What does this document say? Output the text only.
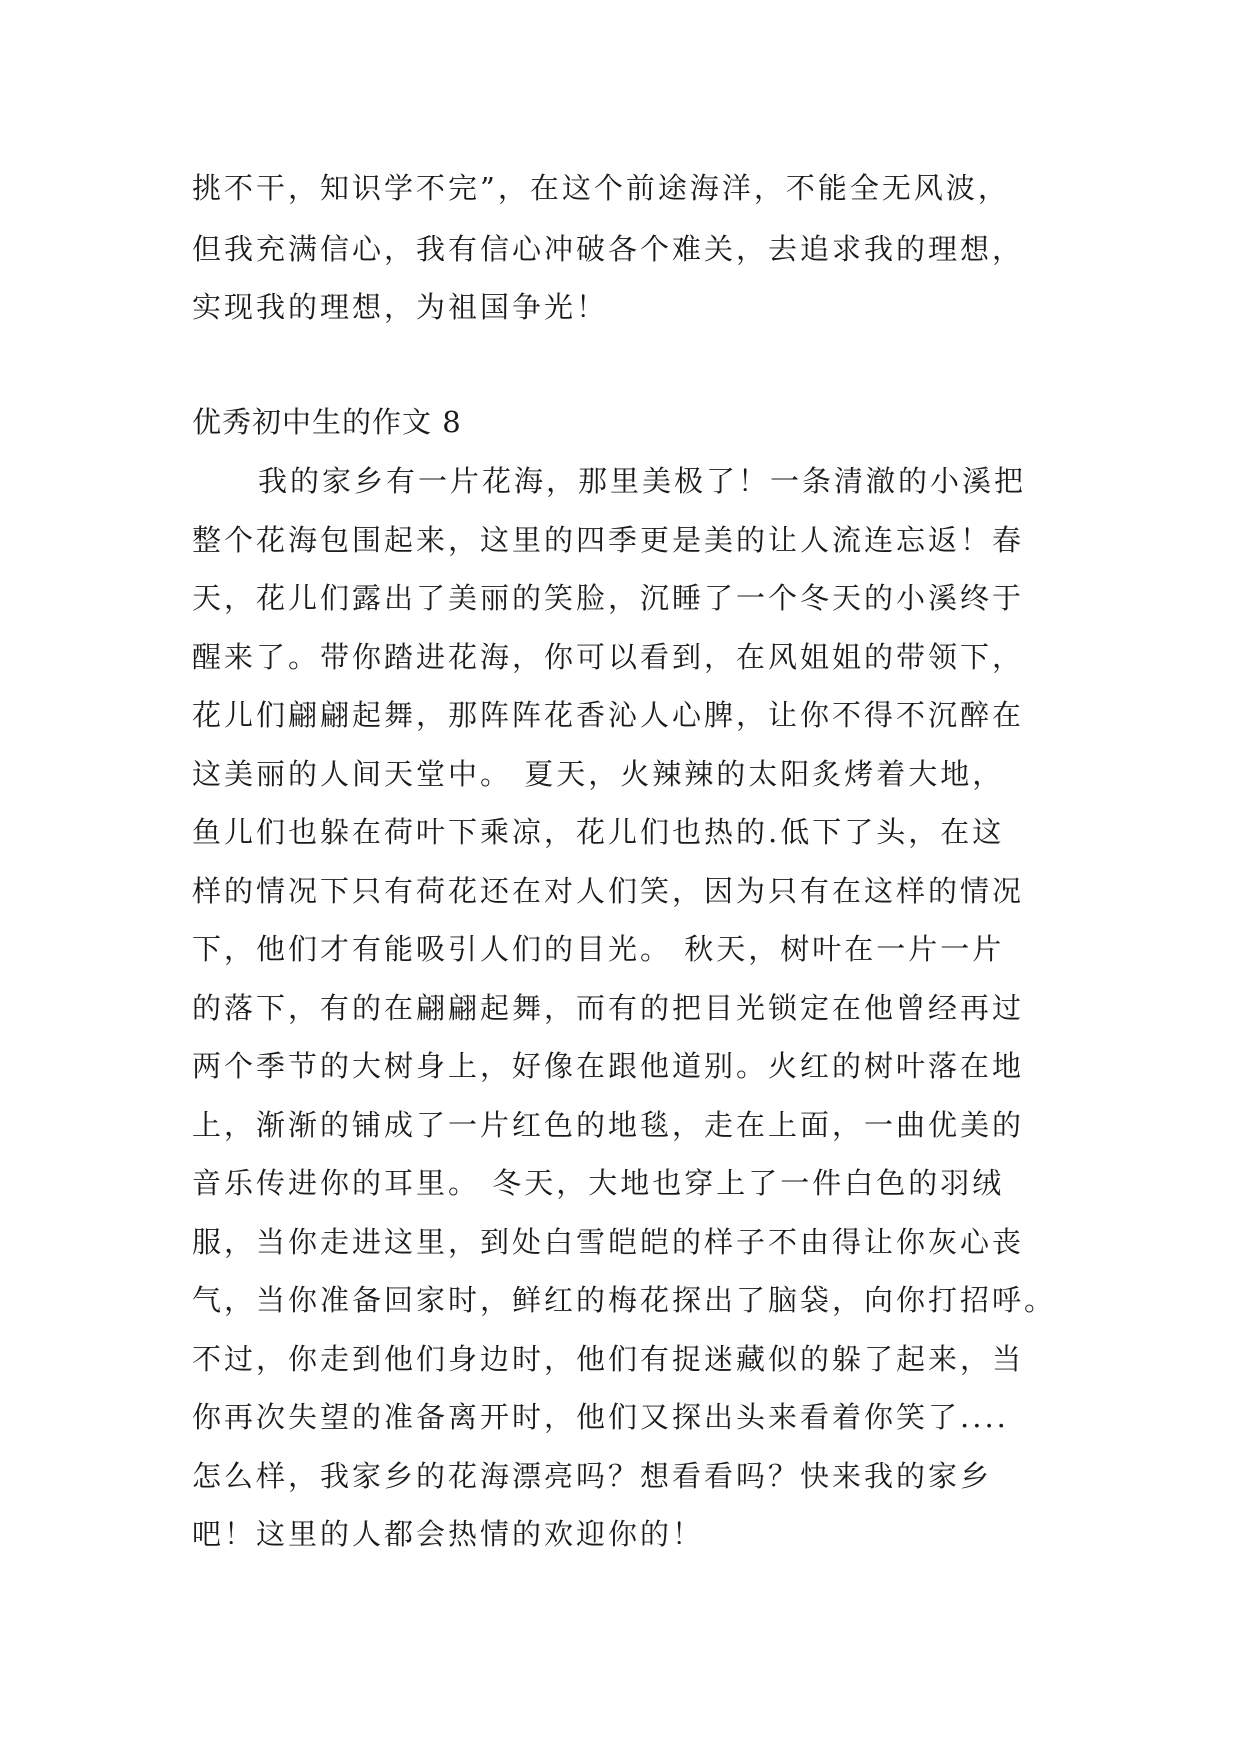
挑不干，知识学不完”，在这个前途海洋，不能全无风波，
但我充满信心，我有信心冲破各个难关，去追求我的理想，
实现我的理想，为祖国争光！
优秀初中生的作文 8
我的家乡有一片花海，那里美极了！一条清澈的小溪把
整个花海包围起来，这里的四季更是美的让人流连忘返！春
天，花儿们露出了美丽的笑脸，沉睡了一个冬天的小溪终于
醒来了。带你踏进花海，你可以看到，在风姐姐的带领下，
花儿们翩翩起舞，那阵阵花香沁人心脾，让你不得不沉醉在
这美丽的人间天堂中。 夏天，火辣辣的太阳炙烤着大地，
鱼儿们也躲在荷叶下乘凉，花儿们也热的.低下了头，在这
样的情况下只有荷花还在对人们笑，因为只有在这样的情况
下，他们才有能吸引人们的目光。 秋天，树叶在一片一片
的落下，有的在翩翩起舞，而有的把目光锁定在他曾经再过
两个季节的大树身上，好像在跟他道别。火红的树叶落在地
上，渐渐的铺成了一片红色的地毯，走在上面，一曲优美的
音乐传进你的耳里。 冬天，大地也穿上了一件白色的羽绒
服，当你走进这里，到处白雪皑皑的样子不由得让你灰心丧
气，当你准备回家时，鲜红的梅花探出了脑袋，向你打招呼。
不过，你走到他们身边时，他们有捉迷藏似的躲了起来，当
你再次失望的准备离开时，他们又探出头来看着你笑了....
怎么样，我家乡的花海漂亮吗？想看看吗？快来我的家乡
吧！这里的人都会热情的欢迎你的！
